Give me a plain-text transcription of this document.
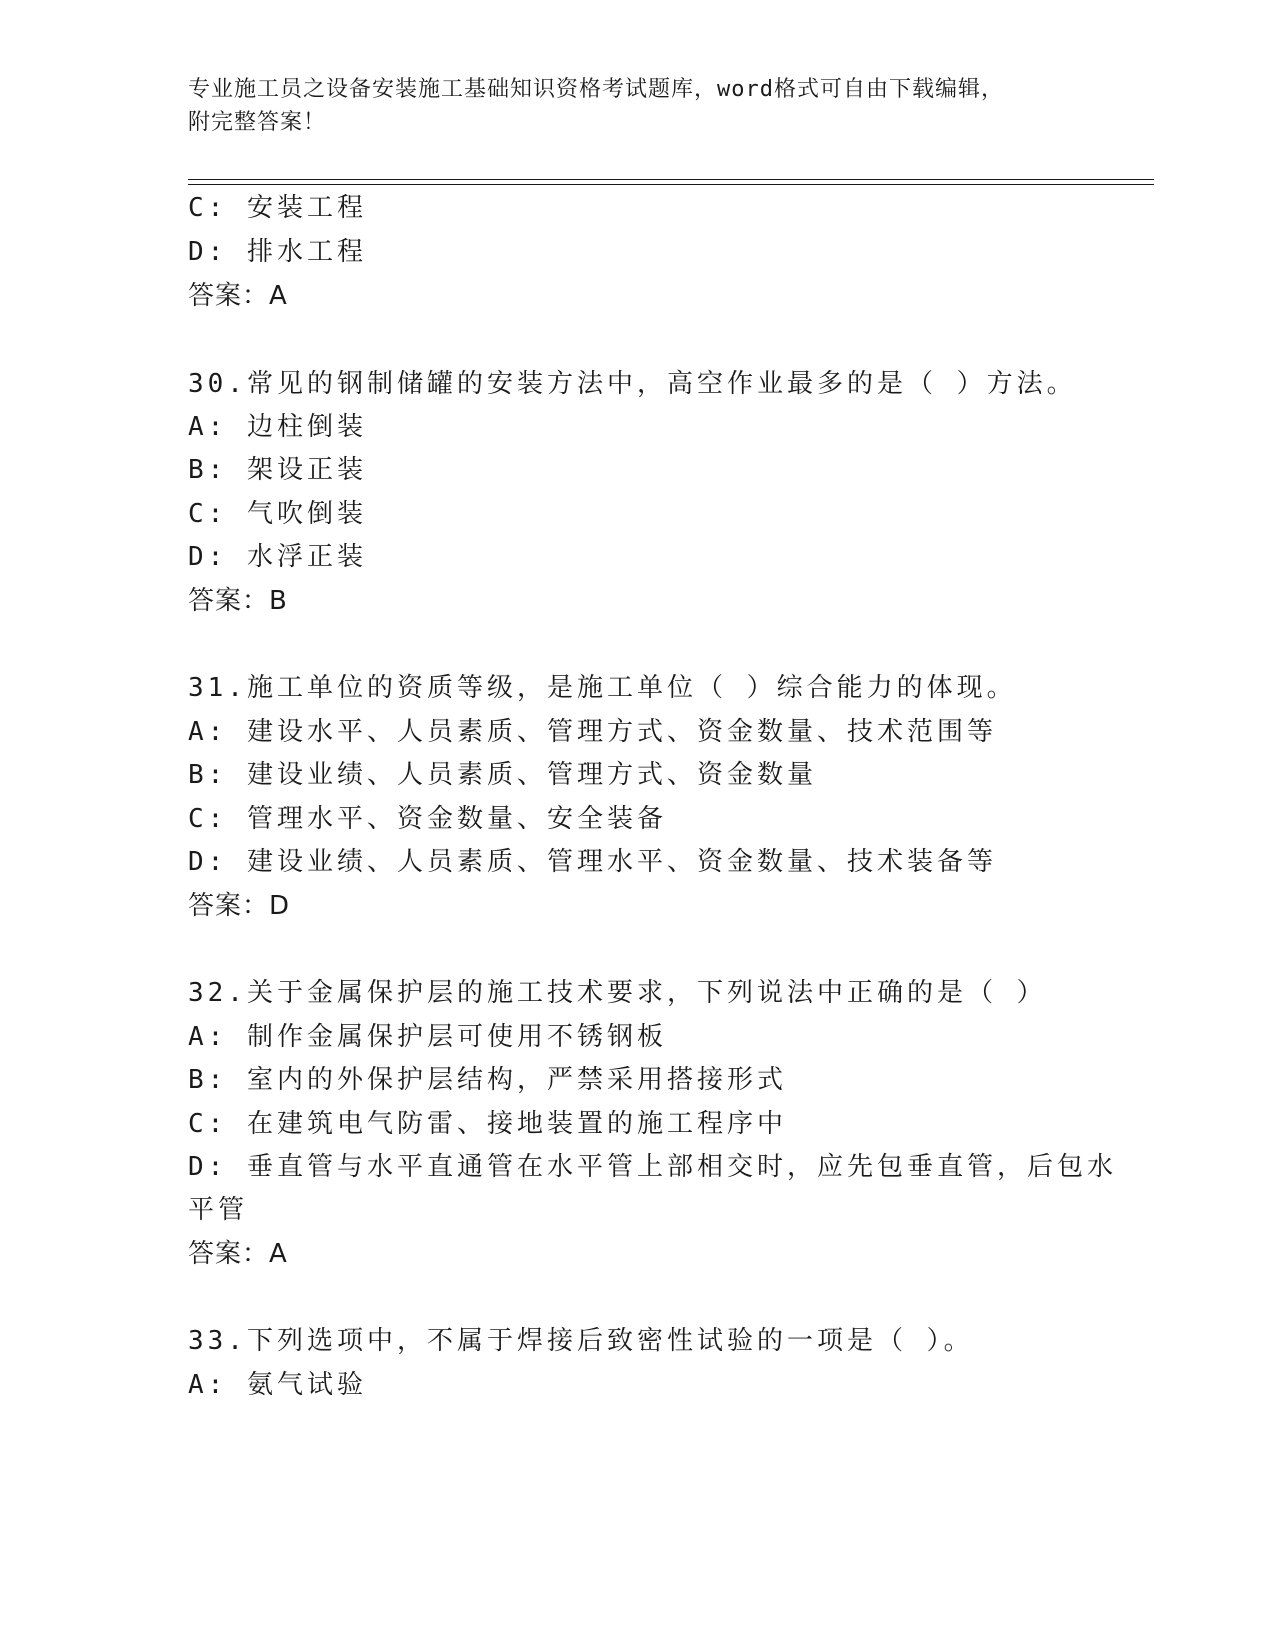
专业施工员之设备安装施工基础知识资格考试题库，word格式可自由下载编辑，
附完整答案！
C: 安装工程
D: 排水工程
答案：A
30.常见的钢制储罐的安装方法中，高空作业最多的是（ ）方法。
A: 边柱倒装
B: 架设正装
C: 气吹倒装
D: 水浮正装
答案：B
31.施工单位的资质等级，是施工单位（ ）综合能力的体现。
A: 建设水平、人员素质、管理方式、资金数量、技术范围等
B: 建设业绩、人员素质、管理方式、资金数量
C: 管理水平、资金数量、安全装备
D: 建设业绩、人员素质、管理水平、资金数量、技术装备等
答案：D
32.关于金属保护层的施工技术要求，下列说法中正确的是（ ）
A: 制作金属保护层可使用不锈钢板
B: 室内的外保护层结构，严禁采用搭接形式
C: 在建筑电气防雷、接地装置的施工程序中
D: 垂直管与水平直通管在水平管上部相交时，应先包垂直管，后包水
平管
答案：A
33.下列选项中，不属于焊接后致密性试验的一项是（ ）。
A: 氨气试验
